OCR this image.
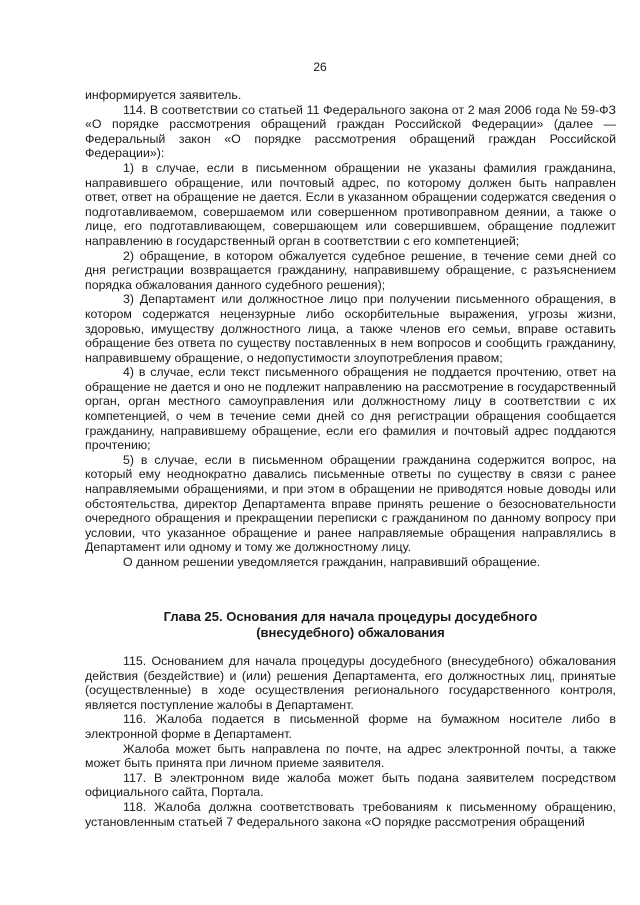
26

информируется заявитель.

114. В соответствии со статьей 11 Федерального закона от 2 мая 2006 года № 59-ФЗ «О порядке рассмотрения обращений граждан Российской Федерации» (далее — Федеральный закон «О порядке рассмотрения обращений граждан Российской Федерации»):

1) в случае, если в письменном обращении не указаны фамилия гражданина, направившего обращение, или почтовый адрес, по которому должен быть направлен ответ, ответ на обращение не дается. Если в указанном обращении содержатся сведения о подготавливаемом, совершаемом или совершенном противоправном деянии, а также о лице, его подготавливающем, совершающем или совершившем, обращение подлежит направлению в государственный орган в соответствии с его компетенцией;

2) обращение, в котором обжалуется судебное решение, в течение семи дней со дня регистрации возвращается гражданину, направившему обращение, с разъяснением порядка обжалования данного судебного решения);

3) Департамент или должностное лицо при получении письменного обращения, в котором содержатся нецензурные либо оскорбительные выражения, угрозы жизни, здоровью, имуществу должностного лица, а также членов его семьи, вправе оставить обращение без ответа по существу поставленных в нем вопросов и сообщить гражданину, направившему обращение, о недопустимости злоупотребления правом;

4) в случае, если текст письменного обращения не поддается прочтению, ответ на обращение не дается и оно не подлежит направлению на рассмотрение в государственный орган, орган местного самоуправления или должностному лицу в соответствии с их компетенцией, о чем в течение семи дней со дня регистрации обращения сообщается гражданину, направившему обращение, если его фамилия и почтовый адрес поддаются прочтению;

5) в случае, если в письменном обращении гражданина содержится вопрос, на который ему неоднократно давались письменные ответы по существу в связи с ранее направляемыми обращениями, и при этом в обращении не приводятся новые доводы или обстоятельства, директор Департамента вправе принять решение о безосновательности очередного обращения и прекращении переписки с гражданином по данному вопросу при условии, что указанное обращение и ранее направляемые обращения направлялись в Департамент или одному и тому же должностному лицу.

О данном решении уведомляется гражданин, направивший обращение.

Глава 25. Основания для начала процедуры досудебного
(внесудебного) обжалования

115. Основанием для начала процедуры досудебного (внесудебного) обжалования действия (бездействие) и (или) решения Департамента, его должностных лиц, принятые (осуществленные) в ходе осуществления регионального государственного контроля, является поступление жалобы в Департамент.

116. Жалоба подается в письменной форме на бумажном носителе либо в электронной форме в Департамент.

Жалоба может быть направлена по почте, на адрес электронной почты, а также может быть принята при личном приеме заявителя.

117. В электронном виде жалоба может быть подана заявителем посредством официального сайта, Портала.

118. Жалоба должна соответствовать требованиям к письменному обращению, установленным статьей 7 Федерального закона «О порядке рассмотрения обращений
